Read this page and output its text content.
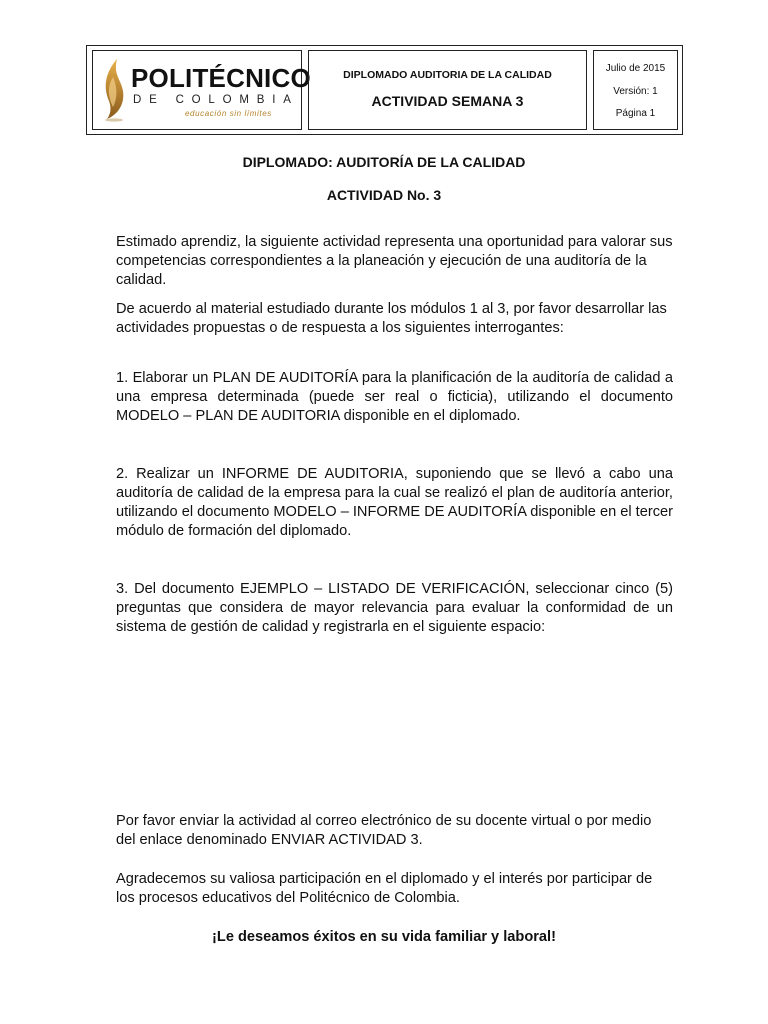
POLITÉCNICO
DE COLOMBIA
educación sin límites
DIPLOMADO AUDITORIA DE LA CALIDAD
ACTIVIDAD SEMANA 3
Julio de 2015
Versión: 1
Página 1
DIPLOMADO: AUDITORÍA DE LA CALIDAD
ACTIVIDAD No. 3

Estimado aprendiz, la siguiente actividad representa una oportunidad para valorar sus competencias correspondientes a la planeación y ejecución de una auditoría de la calidad.

De acuerdo al material estudiado durante los módulos 1 al 3, por favor desarrollar las actividades propuestas o de respuesta a los siguientes interrogantes:

1. Elaborar un PLAN DE AUDITORÍA para la planificación de la auditoría de calidad a una empresa determinada (puede ser real o ficticia), utilizando el documento MODELO – PLAN DE AUDITORIA disponible en el diplomado.

2. Realizar un INFORME DE AUDITORIA, suponiendo que se llevó a cabo una auditoría de calidad de la empresa para la cual se realizó el plan de auditoría anterior, utilizando el documento MODELO – INFORME DE AUDITORÍA disponible en el tercer módulo de formación del diplomado.

3. Del documento EJEMPLO – LISTADO DE VERIFICACIÓN, seleccionar cinco (5) preguntas que considera de mayor relevancia para evaluar la conformidad de un sistema de gestión de calidad y registrarla en el siguiente espacio:

Por favor enviar la actividad al correo electrónico de su docente virtual o por medio del enlace denominado ENVIAR ACTIVIDAD 3.

Agradecemos su valiosa participación en el diplomado y el interés por participar de los procesos educativos del Politécnico de Colombia.

¡Le deseamos éxitos en su vida familiar y laboral!
